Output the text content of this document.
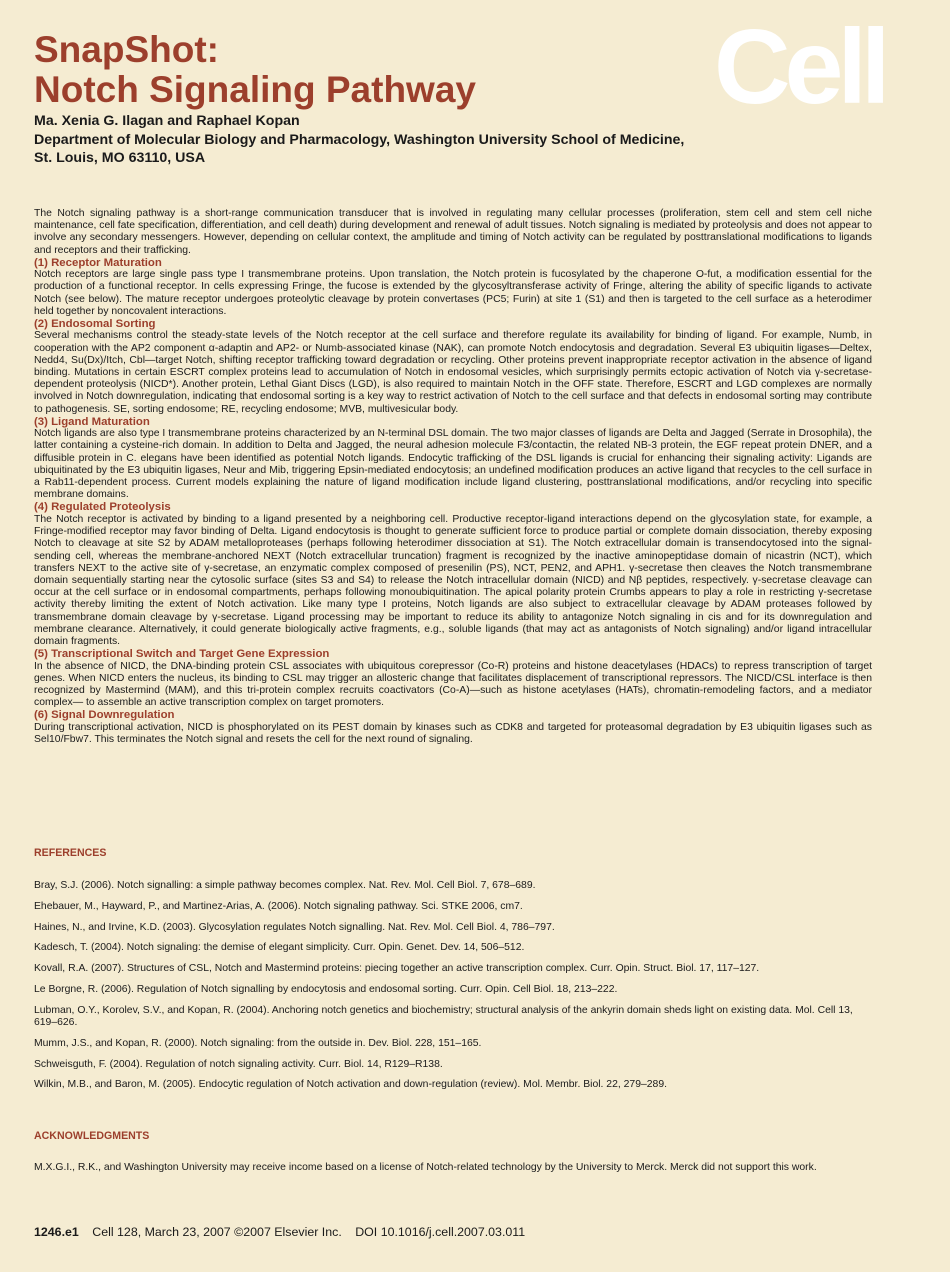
SnapShot:
Notch Signaling Pathway Cell
Ma. Xenia G. Ilagan and Raphael Kopan
Department of Molecular Biology and Pharmacology, Washington University School of Medicine,
St. Louis, MO 63110, USA

The Notch signaling pathway is a short-range communication transducer that is involved in regulating many cellular processes (proliferation, stem cell and stem cell niche maintenance, cell fate specification, differentiation, and cell death) during development and renewal of adult tissues. Notch signaling is mediated by proteolysis and does not appear to involve any secondary messengers. However, depending on cellular context, the amplitude and timing of Notch activity can be regulated by posttranslational modifications to ligands and receptors and their trafficking.

(1) Receptor Maturation

Notch receptors are large single pass type I transmembrane proteins. Upon translation, the Notch protein is fucosylated by the chaperone O-fut, a modification essential for the production of a functional receptor. In cells expressing Fringe, the fucose is extended by the glycosyltransferase activity of Fringe, altering the ability of specific ligands to activate Notch (see below). The mature receptor undergoes proteolytic cleavage by protein convertases (PC5; Furin) at site 1 (S1) and then is targeted to the cell surface as a heterodimer held together by noncovalent interactions.

(2) Endosomal Sorting

Several mechanisms control the steady-state levels of the Notch receptor at the cell surface and therefore regulate its availability for binding of ligand. For example, Numb, in cooperation with the AP2 component α-adaptin and AP2- or Numb-associated kinase (NAK), can promote Notch endocytosis and degradation. Several E3 ubiquitin ligases—Deltex, Nedd4, Su(Dx)/Itch, Cbl—target Notch, shifting receptor trafficking toward degradation or recycling. Other proteins prevent inappropriate receptor activation in the absence of ligand binding. Mutations in certain ESCRT complex proteins lead to accumulation of Notch in endosomal vesicles, which surprisingly permits ectopic activation of Notch via γ-secretase-dependent proteolysis (NICD*). Another protein, Lethal Giant Discs (LGD), is also required to maintain Notch in the OFF state. Therefore, ESCRT and LGD complexes are normally involved in Notch downregulation, indicating that endosomal sorting is a key way to restrict activation of Notch to the cell surface and that defects in endosomal sorting may contribute to pathogenesis. SE, sorting endosome; RE, recycling endosome; MVB, multivesicular body.

(3) Ligand Maturation

Notch ligands are also type I transmembrane proteins characterized by an N-terminal DSL domain. The two major classes of ligands are Delta and Jagged (Serrate in Drosophila), the latter containing a cysteine-rich domain. In addition to Delta and Jagged, the neural adhesion molecule F3/contactin, the related NB-3 protein, the EGF repeat protein DNER, and a diffusible protein in C. elegans have been identified as potential Notch ligands. Endocytic trafficking of the DSL ligands is crucial for enhancing their signaling activity: Ligands are ubiquitinated by the E3 ubiquitin ligases, Neur and Mib, triggering Epsin-mediated endocytosis; an undefined modification produces an active ligand that recycles to the cell surface in a Rab11-dependent process. Current models explaining the nature of ligand modification include ligand clustering, posttranslational modifications, and/or recycling into specific membrane domains.

(4) Regulated Proteolysis

The Notch receptor is activated by binding to a ligand presented by a neighboring cell. Productive receptor-ligand interactions depend on the glycosylation state, for example, a Fringe-modified receptor may favor binding of Delta. Ligand endocytosis is thought to generate sufficient force to produce partial or complete domain dissociation, thereby exposing Notch to cleavage at site S2 by ADAM metalloproteases (perhaps following heterodimer dissociation at S1). The Notch extracellular domain is transendocytosed into the signal-sending cell, whereas the membrane-anchored NEXT (Notch extracellular truncation) fragment is recognized by the inactive aminopeptidase domain of nicastrin (NCT), which transfers NEXT to the active site of γ-secretase, an enzymatic complex composed of presenilin (PS), NCT, PEN2, and APH1. γ-secretase then cleaves the Notch transmembrane domain sequentially starting near the cytosolic surface (sites S3 and S4) to release the Notch intracellular domain (NICD) and Nβ peptides, respectively. γ-secretase cleavage can occur at the cell surface or in endosomal compartments, perhaps following monoubiquitination. The apical polarity protein Crumbs appears to play a role in restricting γ-secretase activity thereby limiting the extent of Notch activation. Like many type I proteins, Notch ligands are also subject to extracellular cleavage by ADAM proteases followed by transmembrane domain cleavage by γ-secretase. Ligand processing may be important to reduce its ability to antagonize Notch signaling in cis and for its downregulation and membrane clearance. Alternatively, it could generate biologically active fragments, e.g., soluble ligands (that may act as antagonists of Notch signaling) and/or ligand intracellular domain fragments.

(5) Transcriptional Switch and Target Gene Expression

In the absence of NICD, the DNA-binding protein CSL associates with ubiquitous corepressor (Co-R) proteins and histone deacetylases (HDACs) to repress transcription of target genes. When NICD enters the nucleus, its binding to CSL may trigger an allosteric change that facilitates displacement of transcriptional repressors. The NICD/CSL interface is then recognized by Mastermind (MAM), and this tri-protein complex recruits coactivators (Co-A)—such as histone acetylases (HATs), chromatin-remodeling factors, and a mediator complex— to assemble an active transcription complex on target promoters.

(6) Signal Downregulation

During transcriptional activation, NICD is phosphorylated on its PEST domain by kinases such as CDK8 and targeted for proteasomal degradation by E3 ubiquitin ligases such as Sel10/Fbw7. This terminates the Notch signal and resets the cell for the next round of signaling.

REFERENCES
Bray, S.J. (2006). Notch signalling: a simple pathway becomes complex. Nat. Rev. Mol. Cell Biol. 7, 678–689.
Ehebauer, M., Hayward, P., and Martinez-Arias, A. (2006). Notch signaling pathway. Sci. STKE 2006, cm7.
Haines, N., and Irvine, K.D. (2003). Glycosylation regulates Notch signalling. Nat. Rev. Mol. Cell Biol. 4, 786–797.
Kadesch, T. (2004). Notch signaling: the demise of elegant simplicity. Curr. Opin. Genet. Dev. 14, 506–512.
Kovall, R.A. (2007). Structures of CSL, Notch and Mastermind proteins: piecing together an active transcription complex. Curr. Opin. Struct. Biol. 17, 117–127.
Le Borgne, R. (2006). Regulation of Notch signalling by endocytosis and endosomal sorting. Curr. Opin. Cell Biol. 18, 213–222.
Lubman, O.Y., Korolev, S.V., and Kopan, R. (2004). Anchoring notch genetics and biochemistry; structural analysis of the ankyrin domain sheds light on existing data. Mol. Cell 13, 619–626.
Mumm, J.S., and Kopan, R. (2000). Notch signaling: from the outside in. Dev. Biol. 228, 151–165.
Schweisguth, F. (2004). Regulation of notch signaling activity. Curr. Biol. 14, R129–R138.
Wilkin, M.B., and Baron, M. (2005). Endocytic regulation of Notch activation and down-regulation (review). Mol. Membr. Biol. 22, 279–289.
ACKNOWLEDGMENTS
M.X.G.I., R.K., and Washington University may receive income based on a license of Notch-related technology by the University to Merck. Merck did not support this work.
1246.e1 Cell 128, March 23, 2007 ©2007 Elsevier Inc. DOI 10.1016/j.cell.2007.03.011
